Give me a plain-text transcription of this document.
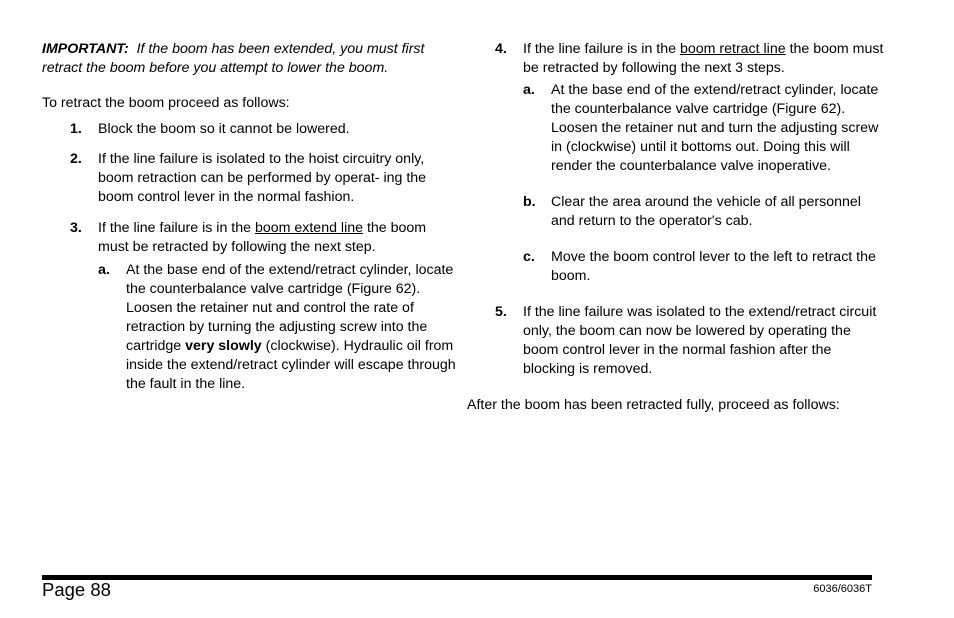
IMPORTANT: If the boom has been extended, you must first retract the boom before you attempt to lower the boom.

To retract the boom proceed as follows:

1.	Block the boom so it cannot be lowered.
2.	If the line failure is isolated to the hoist circuitry only, boom retraction can be performed by operat- ing the boom control lever in the normal fashion.
3.	If the line failure is in the boom extend line the boom must be retracted by following the next step.
a.	At the base end of the extend/retract cylinder, locate the counterbalance valve cartridge (Figure 62). Loosen the retainer nut and control the rate of retraction by turning the adjusting screw into the cartridge very slowly (clockwise). Hydraulic oil from inside the extend/retract cylinder will escape through the fault in the line.
4.	If the line failure is in the boom retract line the boom must be retracted by following the next 3 steps.
a.	At the base end of the extend/retract cylinder, locate the counterbalance valve cartridge (Figure 62). Loosen the retainer nut and turn the adjusting screw in (clockwise) until it bottoms out. Doing this will render the counterbalance valve inoperative.
b.	Clear the area around the vehicle of all personnel and return to the operator's cab.
c.	Move the boom control lever to the left to retract the boom.
5.	If the line failure was isolated to the extend/retract circuit only, the boom can now be lowered by operating the boom control lever in the normal fashion after the blocking is removed.

After the boom has been retracted fully, proceed as follows:

Page 88	6036/6036T
